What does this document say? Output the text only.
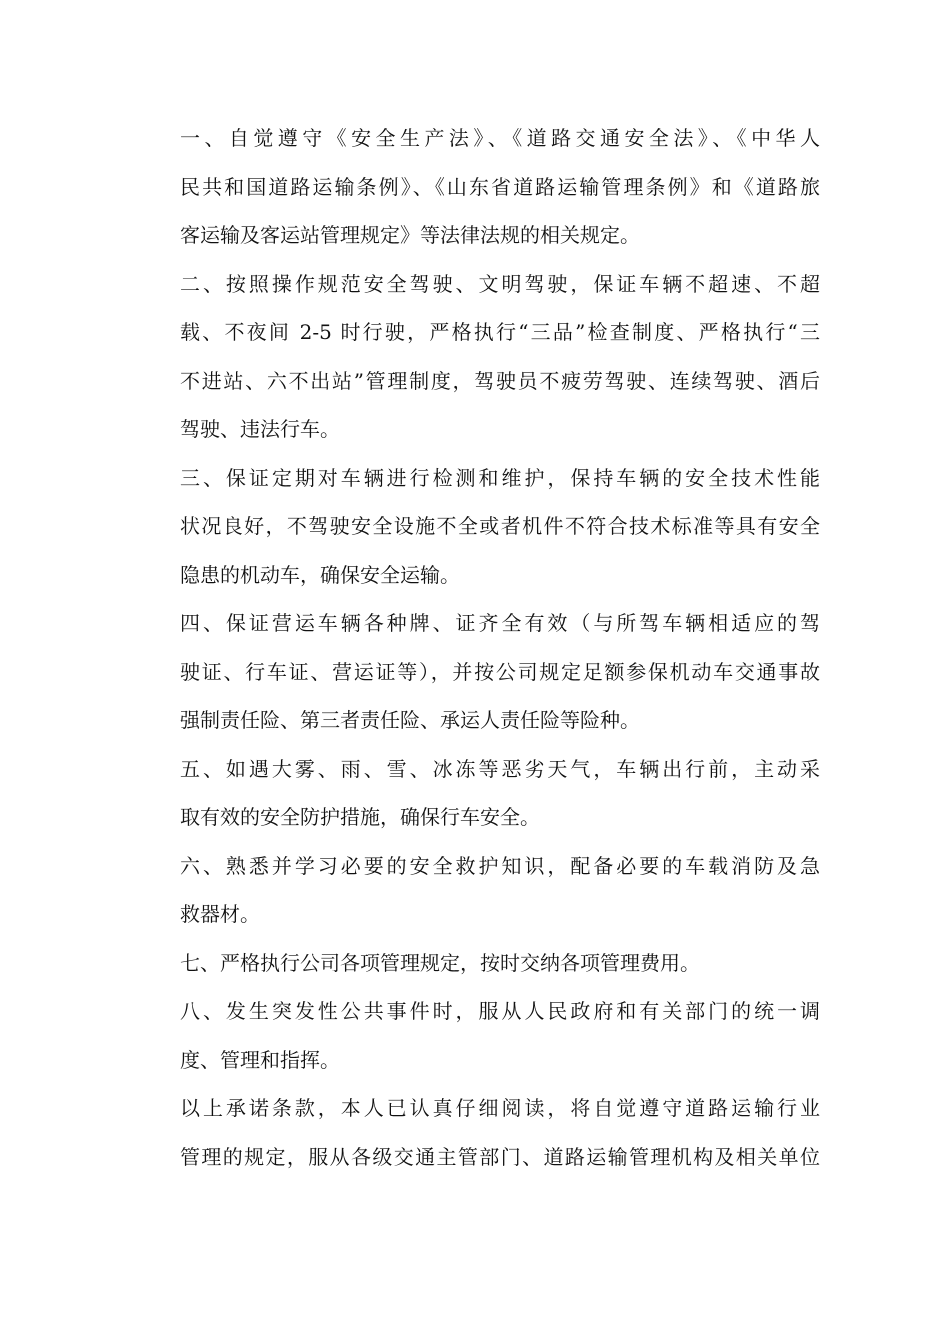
一、自觉遵守《安全生产法》、《道路交通安全法》、《中华人
民共和国道路运输条例》、《山东省道路运输管理条例》和《道路旅
客运输及客运站管理规定》等法律法规的相关规定。

二、按照操作规范安全驾驶、文明驾驶，保证车辆不超速、不超
载、不夜间 2-5 时行驶，严格执行“三品”检查制度、严格执行“三
不进站、六不出站”管理制度，驾驶员不疲劳驾驶、连续驾驶、酒后
驾驶、违法行车。

三、保证定期对车辆进行检测和维护，保持车辆的安全技术性能
状况良好，不驾驶安全设施不全或者机件不符合技术标准等具有安全
隐患的机动车，确保安全运输。

四、保证营运车辆各种牌、证齐全有效（与所驾车辆相适应的驾
驶证、行车证、营运证等），并按公司规定足额参保机动车交通事故
强制责任险、第三者责任险、承运人责任险等险种。

五、如遇大雾、雨、雪、冰冻等恶劣天气，车辆出行前，主动采
取有效的安全防护措施，确保行车安全。

六、熟悉并学习必要的安全救护知识，配备必要的车载消防及急
救器材。

七、严格执行公司各项管理规定，按时交纳各项管理费用。

八、发生突发性公共事件时，服从人民政府和有关部门的统一调
度、管理和指挥。

以上承诺条款，本人已认真仔细阅读，将自觉遵守道路运输行业
管理的规定，服从各级交通主管部门、道路运输管理机构及相关单位
